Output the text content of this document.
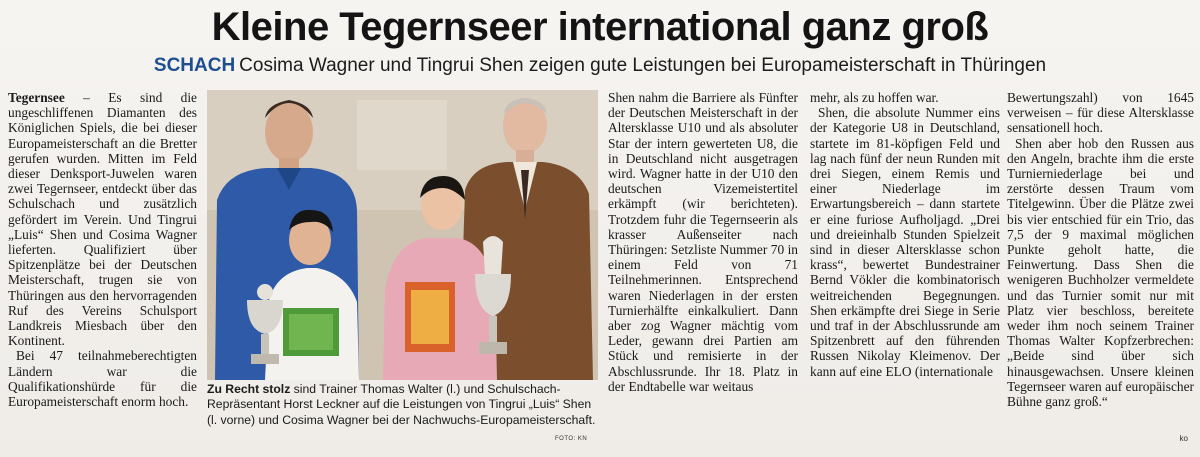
Kleine Tegernseer international ganz groß
SCHACH Cosima Wagner und Tingrui Shen zeigen gute Leistungen bei Europameisterschaft in Thüringen

Tegernsee – Es sind die ungeschliffenen Diamanten des Königlichen Spiels, die bei dieser Europameisterschaft an die Bretter gerufen wurden. Mitten im Feld dieser Denksport-Juwelen waren zwei Tegernseer, entdeckt über das Schulschach und zusätzlich gefördert im Verein. Und Tingrui „Luis“ Shen und Cosima Wagner lieferten. Qualifiziert über Spitzenplätze bei der Deutschen Meisterschaft, trugen sie von Thüringen aus den hervorragenden Ruf des Vereins Schulsport Landkreis Miesbach über den Kontinent.

Bei 47 teilnahmeberechtigten Ländern war die Qualifikationshürde für die Europameisterschaft enorm hoch.

Zu Recht stolz sind Trainer Thomas Walter (l.) und Schulschach-Repräsentant Horst Leckner auf die Leistungen von Tingrui „Luis“ Shen (l. vorne) und Cosima Wagner bei der Nachwuchs-Europameisterschaft.
FOTO: KN

Shen nahm die Barriere als Fünfter der Deutschen Meisterschaft in der Altersklasse U10 und als absoluter Star der intern gewerteten U8, die in Deutschland nicht ausgetragen wird. Wagner hatte in der U10 den deutschen Vizemeistertitel erkämpft (wir berichteten). Trotzdem fuhr die Tegernseerin als krasser Außenseiter nach Thüringen: Setzliste Nummer 70 in einem Feld von 71 Teilnehmerinnen. Entsprechend waren Niederlagen in der ersten Turnierhälfte einkalkuliert. Dann aber zog Wagner mächtig vom Leder, gewann drei Partien am Stück und remisierte in der Abschlussrunde. Ihr 18. Platz in der Endtabelle war weitaus

mehr, als zu hoffen war.

Shen, die absolute Nummer eins der Kategorie U8 in Deutschland, startete im 81-köpfigen Feld und lag nach fünf der neun Runden mit drei Siegen, einem Remis und einer Niederlage im Erwartungsbereich – dann startete er eine furiose Aufholjagd. „Drei und dreieinhalb Stunden Spielzeit sind in dieser Altersklasse schon krass“, bewertet Bundestrainer Bernd Vökler die kombinatorisch weitreichenden Begegnungen. Shen erkämpfte drei Siege in Serie und traf in der Abschlussrunde am Spitzenbrett auf den führenden Russen Nikolay Kleimenov. Der kann auf eine ELO (internationale

Bewertungszahl) von 1645 verweisen – für diese Altersklasse sensationell hoch.

Shen aber hob den Russen aus den Angeln, brachte ihm die erste Turnierniederlage bei und zerstörte dessen Traum vom Titelgewinn. Über die Plätze zwei bis vier entschied für ein Trio, das 7,5 der 9 maximal möglichen Punkte geholt hatte, die Feinwertung. Dass Shen die wenigeren Buchholzer vermeldete und das Turnier somit nur mit Platz vier beschloss, bereitete weder ihm noch seinem Trainer Thomas Walter Kopfzerbrechen: „Beide sind über sich hinausgewachsen. Unsere kleinen Tegernseer waren auf europäischer Bühne ganz groß.“

ko
